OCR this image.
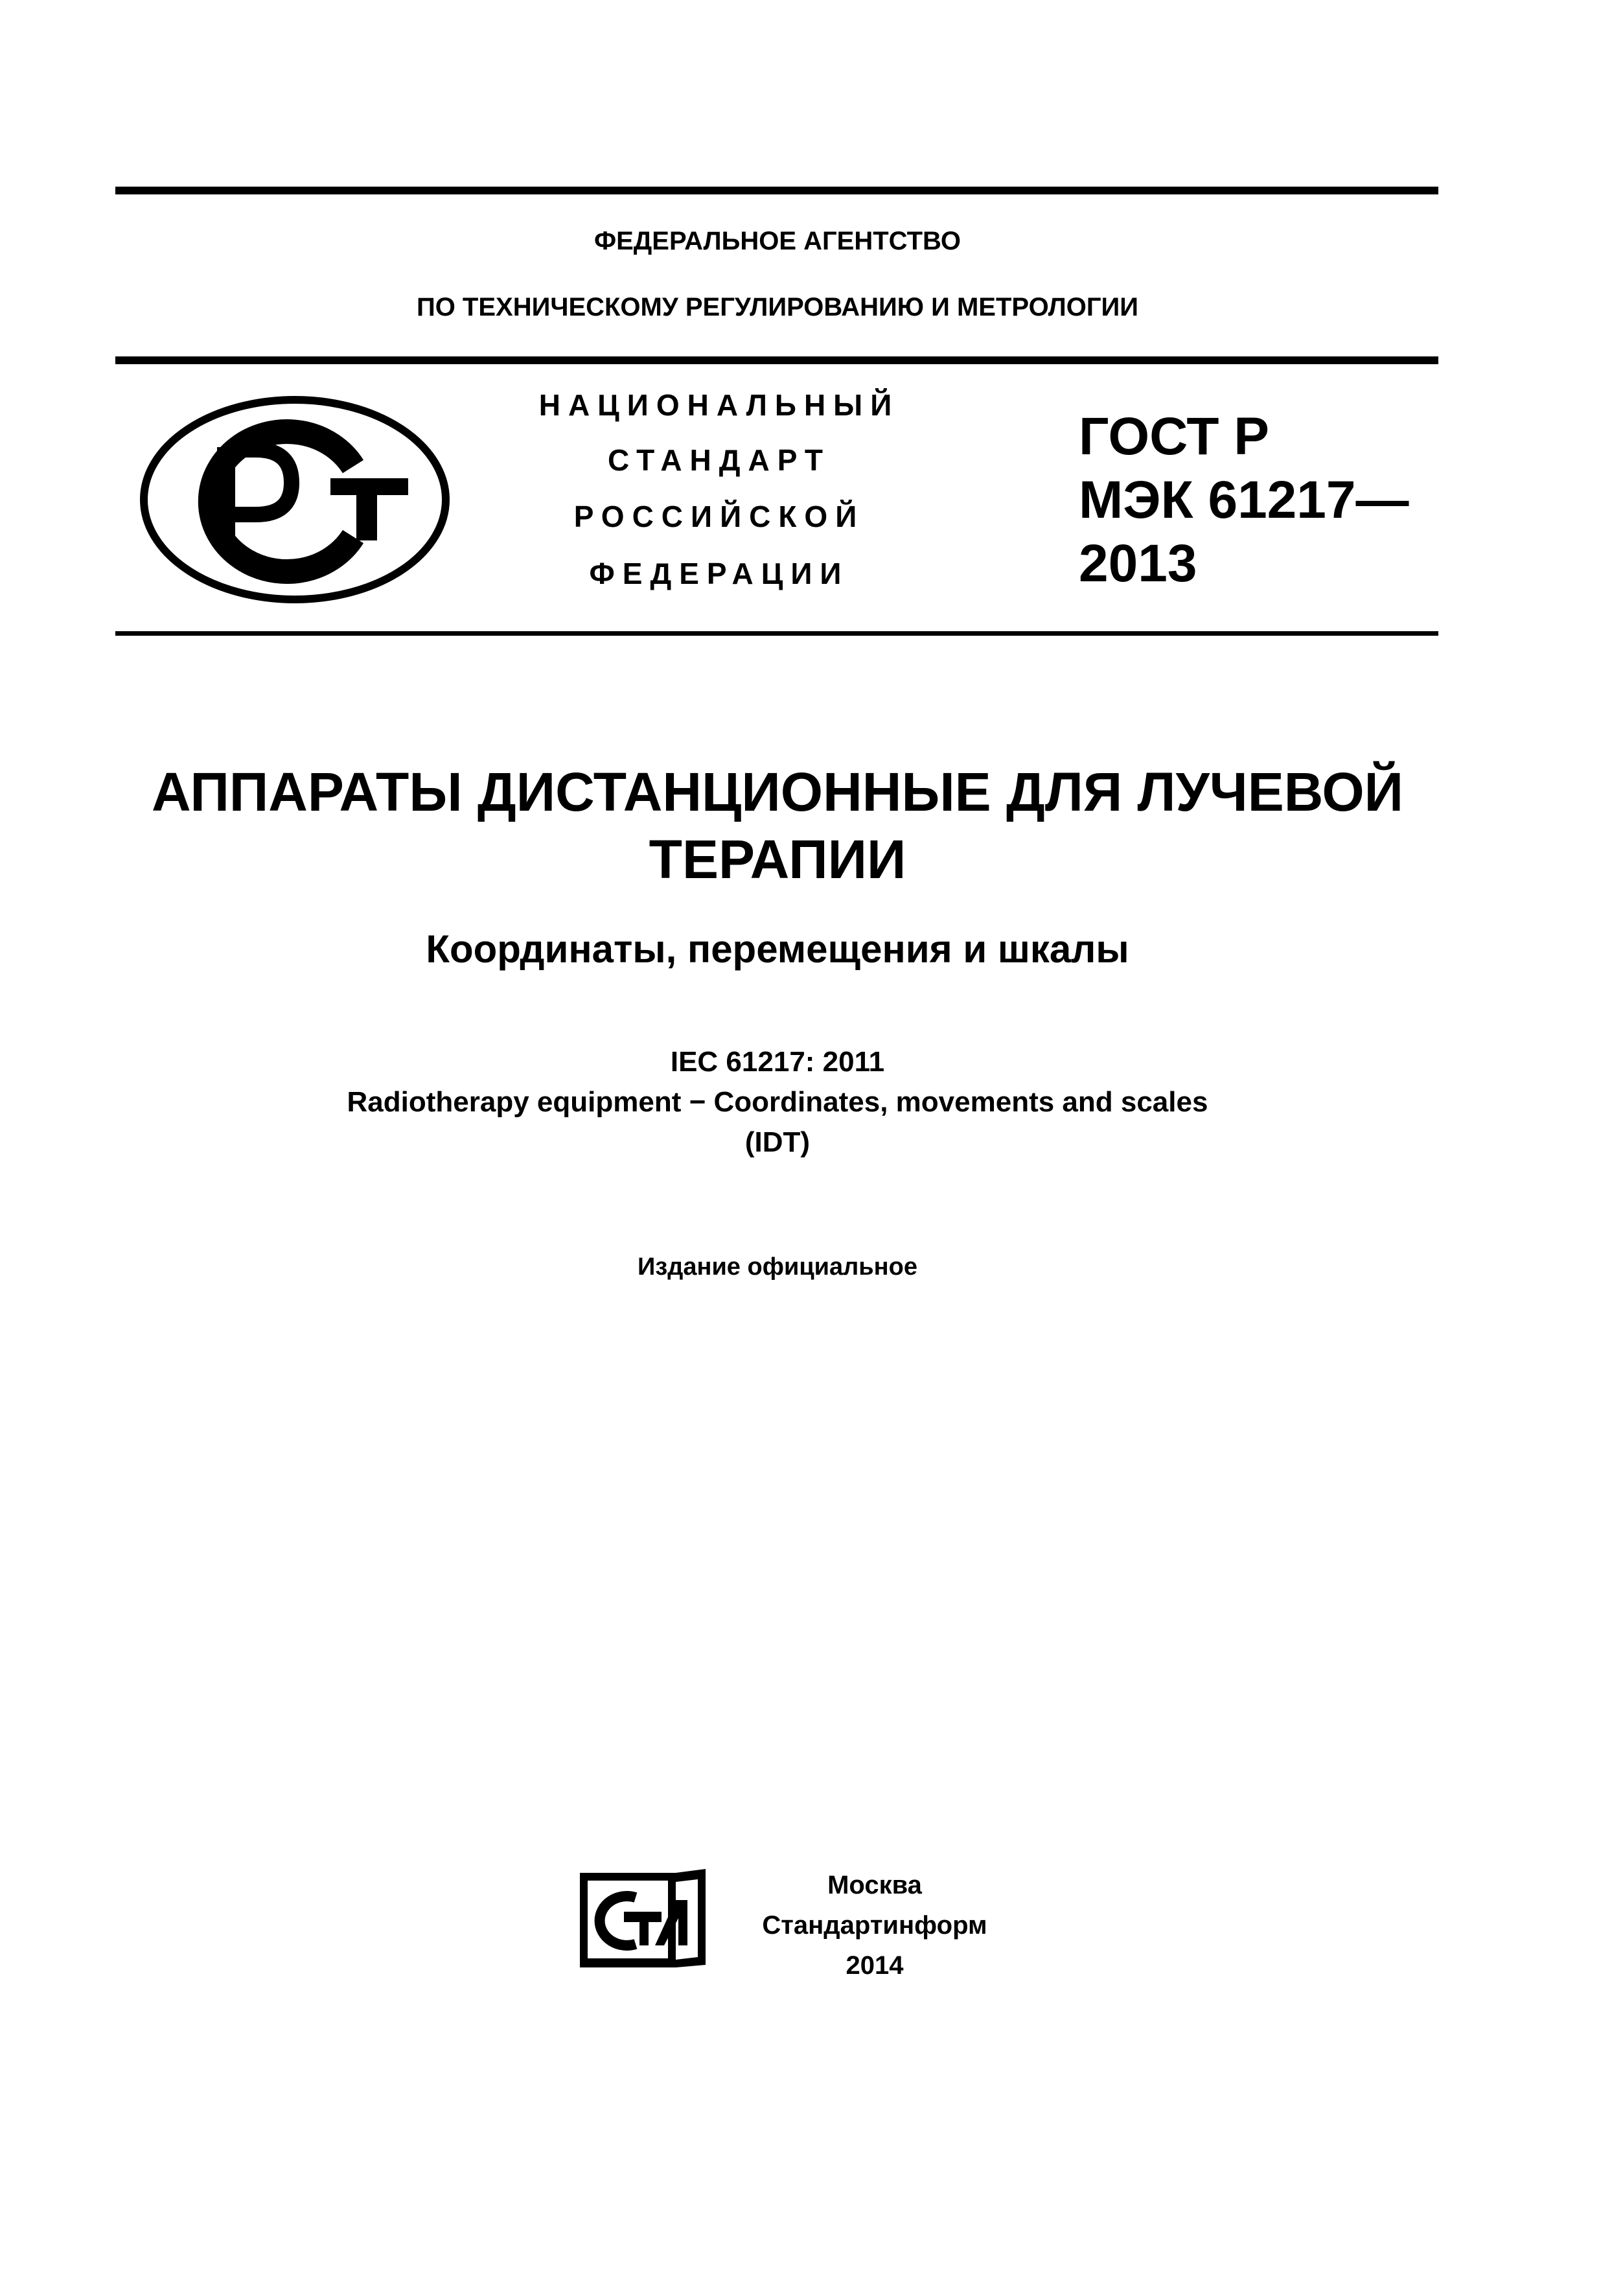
ФЕДЕРАЛЬНОЕ АГЕНТСТВО
ПО ТЕХНИЧЕСКОМУ РЕГУЛИРОВАНИЮ И МЕТРОЛОГИИ
НАЦИОНАЛЬНЫЙ
СТАНДАРТ
РОССИЙСКОЙ
ФЕДЕРАЦИИ
ГОСТ Р
МЭК 61217—
2013
АППАРАТЫ ДИСТАНЦИОННЫЕ ДЛЯ ЛУЧЕВОЙ
ТЕРАПИИ
Координаты, перемещения и шкалы
IEC 61217: 2011
Radiotherapy equipment − Coordinates, movements and scales
(IDT)
Издание официальное
Москва
Стандартинформ
2014
